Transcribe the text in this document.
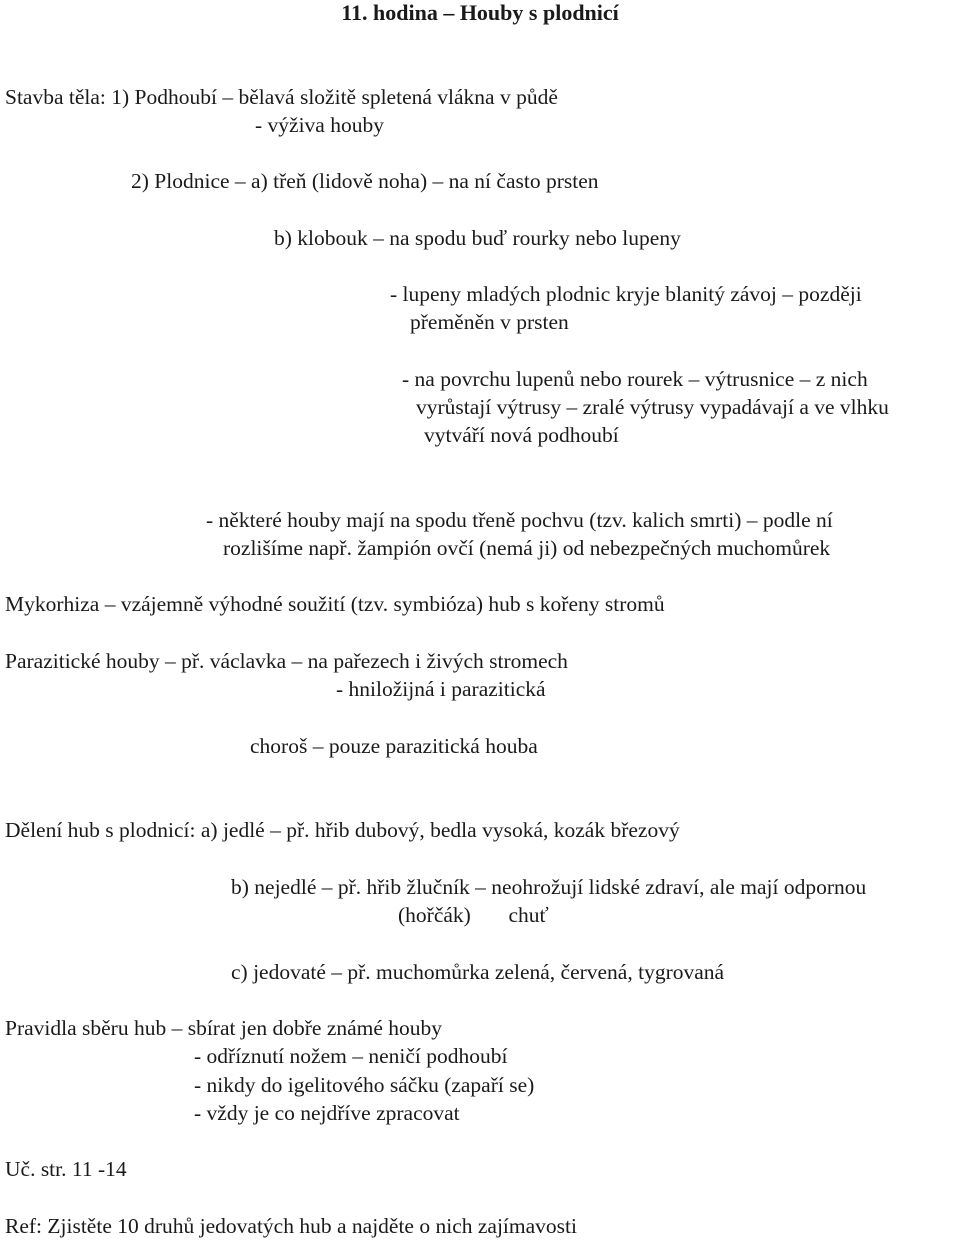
11. hodina – Houby s plodnicí

Stavba těla: 1) Podhoubí – bělavá složitě spletená vlákna v půdě

- výživa houby

2) Plodnice – a) třeň (lidově noha) – na ní často prsten

b) klobouk – na spodu buď rourky nebo lupeny

- lupeny mladých plodnic kryje blanitý závoj – později

přeměněn v prsten

- na povrchu lupenů nebo rourek – výtrusnice – z nich

vyrůstají výtrusy – zralé výtrusy vypadávají a ve vlhku

vytváří nová podhoubí

- některé houby mají na spodu třeně pochvu (tzv. kalich smrti) – podle ní

rozlišíme např. žampión ovčí (nemá ji) od nebezpečných muchomůrek

Mykorhiza – vzájemně výhodné soužití (tzv. symbióza) hub s kořeny stromů

Parazitické houby – př. václavka – na pařezech i živých stromech

- hniložijná i parazitická

choroš – pouze parazitická houba

Dělení hub s plodnicí: a) jedlé – př. hřib dubový, bedla vysoká, kozák březový

b) nejedlé – př. hřib žlučník – neohrožují lidské zdraví, ale mají odpornou

(hořčák)       chuť

c) jedovaté – př. muchomůrka zelená, červená, tygrovaná

Pravidla sběru hub – sbírat jen dobře známé houby

- odříznutí nožem – neničí podhoubí

- nikdy do igelitového sáčku (zapaří se)

- vždy je co nejdříve zpracovat

Uč. str. 11 -14

Ref: Zjistěte 10 druhů jedovatých hub a najděte o nich zajímavosti
